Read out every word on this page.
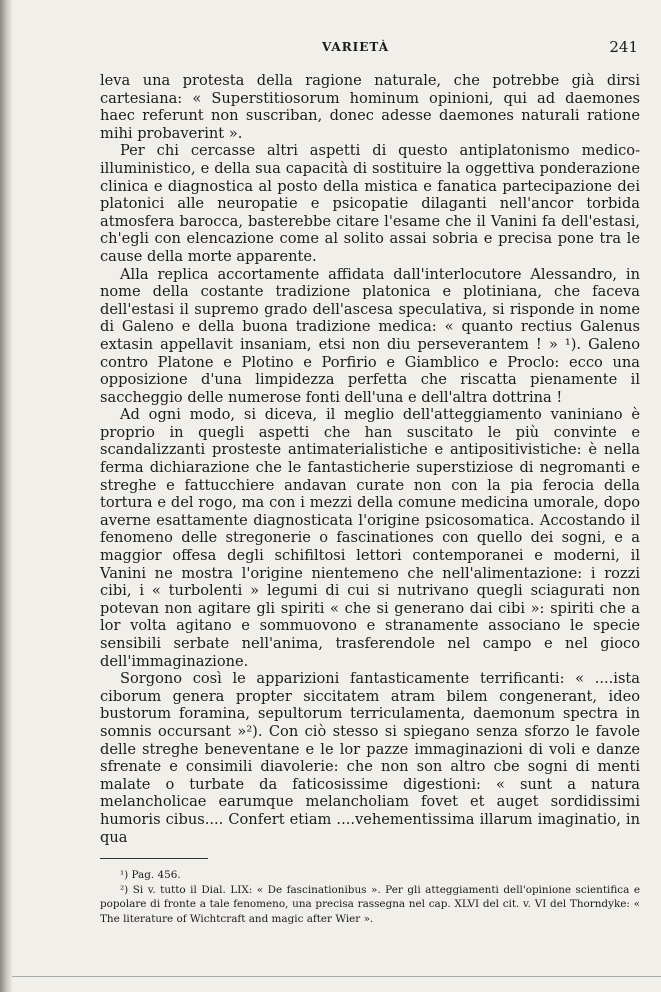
VARIETÀ	241

leva una protesta della ragione naturale, che potrebbe già dirsi cartesiana: « Superstitiosorum hominum opinioni, qui ad daemones haec referunt non suscriban, donec adesse daemones naturali ratione mihi probaverint ».

Per chi cercasse altri aspetti di questo antiplatonismo medico-illuministico, e della sua capacità di sostituire la oggettiva ponderazione clinica e diagnostica al posto della mistica e fanatica partecipazione dei platonici alle neuropatie e psicopatie dilaganti nell'ancor torbida atmosfera barocca, basterebbe citare l'esame che il Vanini fa dell'estasi, ch'egli con elencazione come al solito assai sobria e precisa pone tra le cause della morte apparente.

Alla replica accortamente affidata dall'interlocutore Alessandro, in nome della costante tradizione platonica e plotiniana, che faceva dell'estasi il supremo grado dell'ascesa speculativa, si risponde in nome di Galeno e della buona tradizione medica: « quanto rectius Galenus extasin appellavit insaniam, etsi non diu perseverantem ! » ¹). Galeno contro Platone e Plotino e Porfirio e Giamblico e Proclo: ecco una opposizione d'una limpidezza perfetta che riscatta pienamente il saccheggio delle numerose fonti dell'una e dell'altra dottrina !

Ad ogni modo, si diceva, il meglio dell'atteggiamento vaniniano è proprio in quegli aspetti che han suscitato le più convinte e scandalizzanti prosteste antimaterialistiche e antipositivistiche: è nella ferma dichiarazione che le fantasticherie superstiziose di negromanti e streghe e fattucchiere andavan curate non con la pia ferocia della tortura e del rogo, ma con i mezzi della comune medicina umorale, dopo averne esattamente diagnosticata l'origine psicosomatica. Accostando il fenomeno delle stregonerie o fascinationes con quello dei sogni, e a maggior offesa degli schifiltosi lettori contemporanei e moderni, il Vanini ne mostra l'origine nientemeno che nell'alimentazione: i rozzi cibi, i « turbolenti » legumi di cui si nutrivano quegli sciagurati non potevan non agitare gli spiriti « che si generano dai cibi »: spiriti che a lor volta agitano e sommuovono e stranamente associano le specie sensibili serbate nell'anima, trasferendole nel campo e nel gioco dell'immaginazione.

Sorgono così le apparizioni fantasticamente terrificanti: « ....ista ciborum genera propter siccitatem atram bilem congenerant, ideo bustorum foramina, sepultorum terriculamenta, daemonum spectra in somnis occursant »²). Con ciò stesso si spiegano senza sforzo le favole delle streghe beneventane e le lor pazze immaginazioni di voli e danze sfrenate e consimili diavolerie: che non son altro cbe sogni di menti malate o turbate da faticosissime digestioni: « sunt a natura melancholicae earumque melancholiam fovet et auget sordidissimi humoris cibus.... Confert etiam ....vehementissima illarum imaginatio, in qua

¹) Pag. 456.
²) Si v. tutto il Dial. LIX: « De fascinationibus ». Per gli atteggiamenti dell'opinione scientifica e popolare di fronte a tale fenomeno, una precisa rassegna nel cap. XLVI del cit. v. VI del Thorndyke: « The literature of Wichtcraft and magic after Wier ».
